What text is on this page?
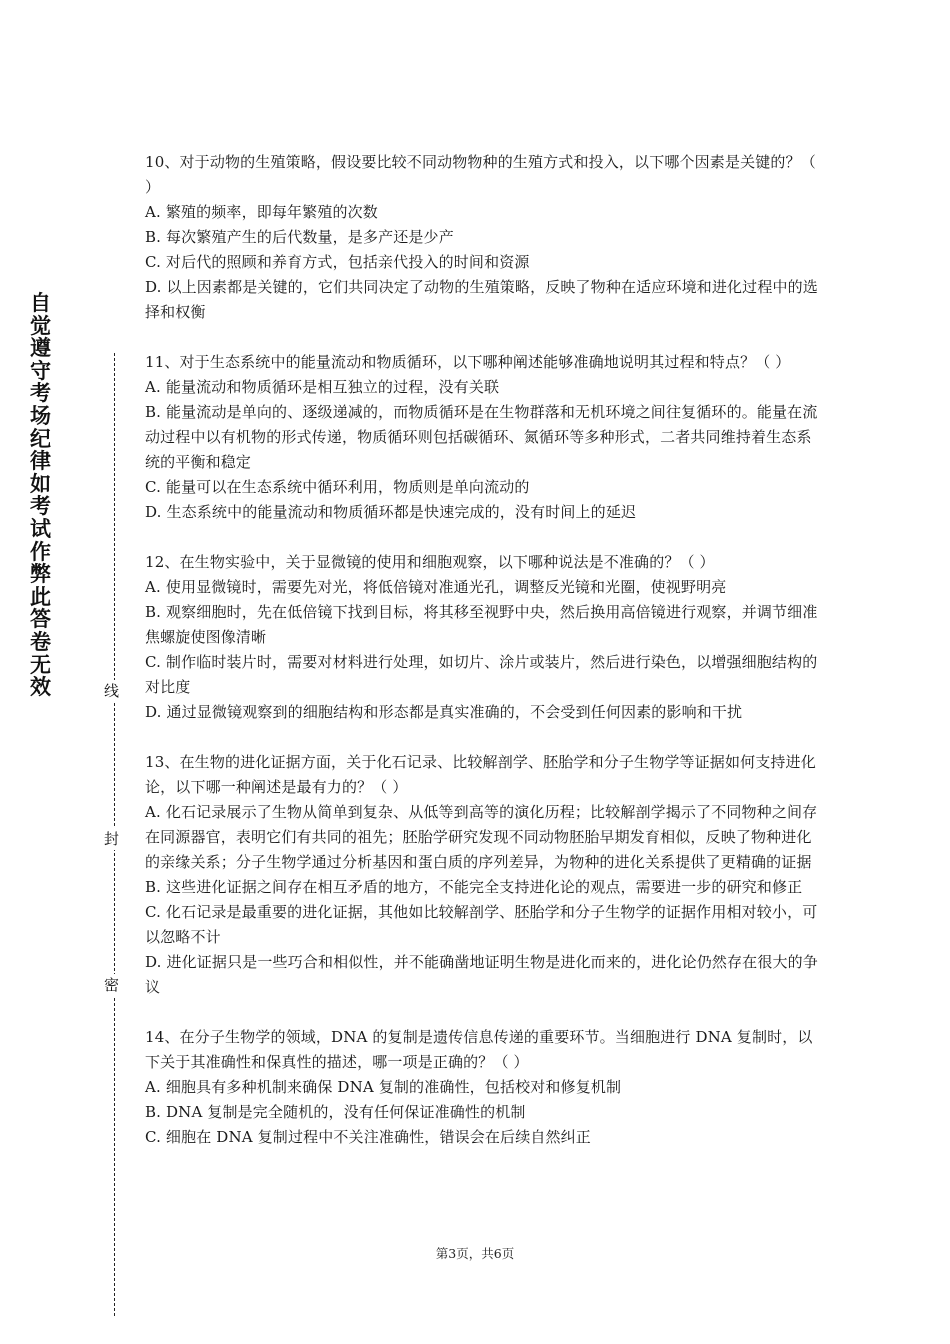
自觉遵守考场纪律如考试作弊此答卷无效	线
封
密

10、对于动物的生殖策略，假设要比较不同动物物种的生殖方式和投入，以下哪个因素是关键的？（ ）

A. 繁殖的频率，即每年繁殖的次数

B. 每次繁殖产生的后代数量，是多产还是少产

C. 对后代的照顾和养育方式，包括亲代投入的时间和资源

D. 以上因素都是关键的，它们共同决定了动物的生殖策略，反映了物种在适应环境和进化过程中的选择和权衡

11、对于生态系统中的能量流动和物质循环，以下哪种阐述能够准确地说明其过程和特点？（ ）

A. 能量流动和物质循环是相互独立的过程，没有关联

B. 能量流动是单向的、逐级递减的，而物质循环是在生物群落和无机环境之间往复循环的。能量在流动过程中以有机物的形式传递，物质循环则包括碳循环、氮循环等多种形式，二者共同维持着生态系统的平衡和稳定

C. 能量可以在生态系统中循环利用，物质则是单向流动的

D. 生态系统中的能量流动和物质循环都是快速完成的，没有时间上的延迟

12、在生物实验中，关于显微镜的使用和细胞观察，以下哪种说法是不准确的？（ ）

A. 使用显微镜时，需要先对光，将低倍镜对准通光孔，调整反光镜和光圈，使视野明亮

B. 观察细胞时，先在低倍镜下找到目标，将其移至视野中央，然后换用高倍镜进行观察，并调节细准焦螺旋使图像清晰

C. 制作临时装片时，需要对材料进行处理，如切片、涂片或装片，然后进行染色，以增强细胞结构的对比度

D. 通过显微镜观察到的细胞结构和形态都是真实准确的，不会受到任何因素的影响和干扰

13、在生物的进化证据方面，关于化石记录、比较解剖学、胚胎学和分子生物学等证据如何支持进化论，以下哪一种阐述是最有力的？（ ）

A. 化石记录展示了生物从简单到复杂、从低等到高等的演化历程；比较解剖学揭示了不同物种之间存在同源器官，表明它们有共同的祖先；胚胎学研究发现不同动物胚胎早期发育相似，反映了物种进化的亲缘关系；分子生物学通过分析基因和蛋白质的序列差异，为物种的进化关系提供了更精确的证据

B. 这些进化证据之间存在相互矛盾的地方，不能完全支持进化论的观点，需要进一步的研究和修正

C. 化石记录是最重要的进化证据，其他如比较解剖学、胚胎学和分子生物学的证据作用相对较小，可以忽略不计

D. 进化证据只是一些巧合和相似性，并不能确凿地证明生物是进化而来的，进化论仍然存在很大的争议

14、在分子生物学的领域，DNA 的复制是遗传信息传递的重要环节。当细胞进行 DNA 复制时，以下关于其准确性和保真性的描述，哪一项是正确的？（ ）

A. 细胞具有多种机制来确保 DNA 复制的准确性，包括校对和修复机制

B. DNA 复制是完全随机的，没有任何保证准确性的机制

C. 细胞在 DNA 复制过程中不关注准确性，错误会在后续自然纠正

第3页，共6页
